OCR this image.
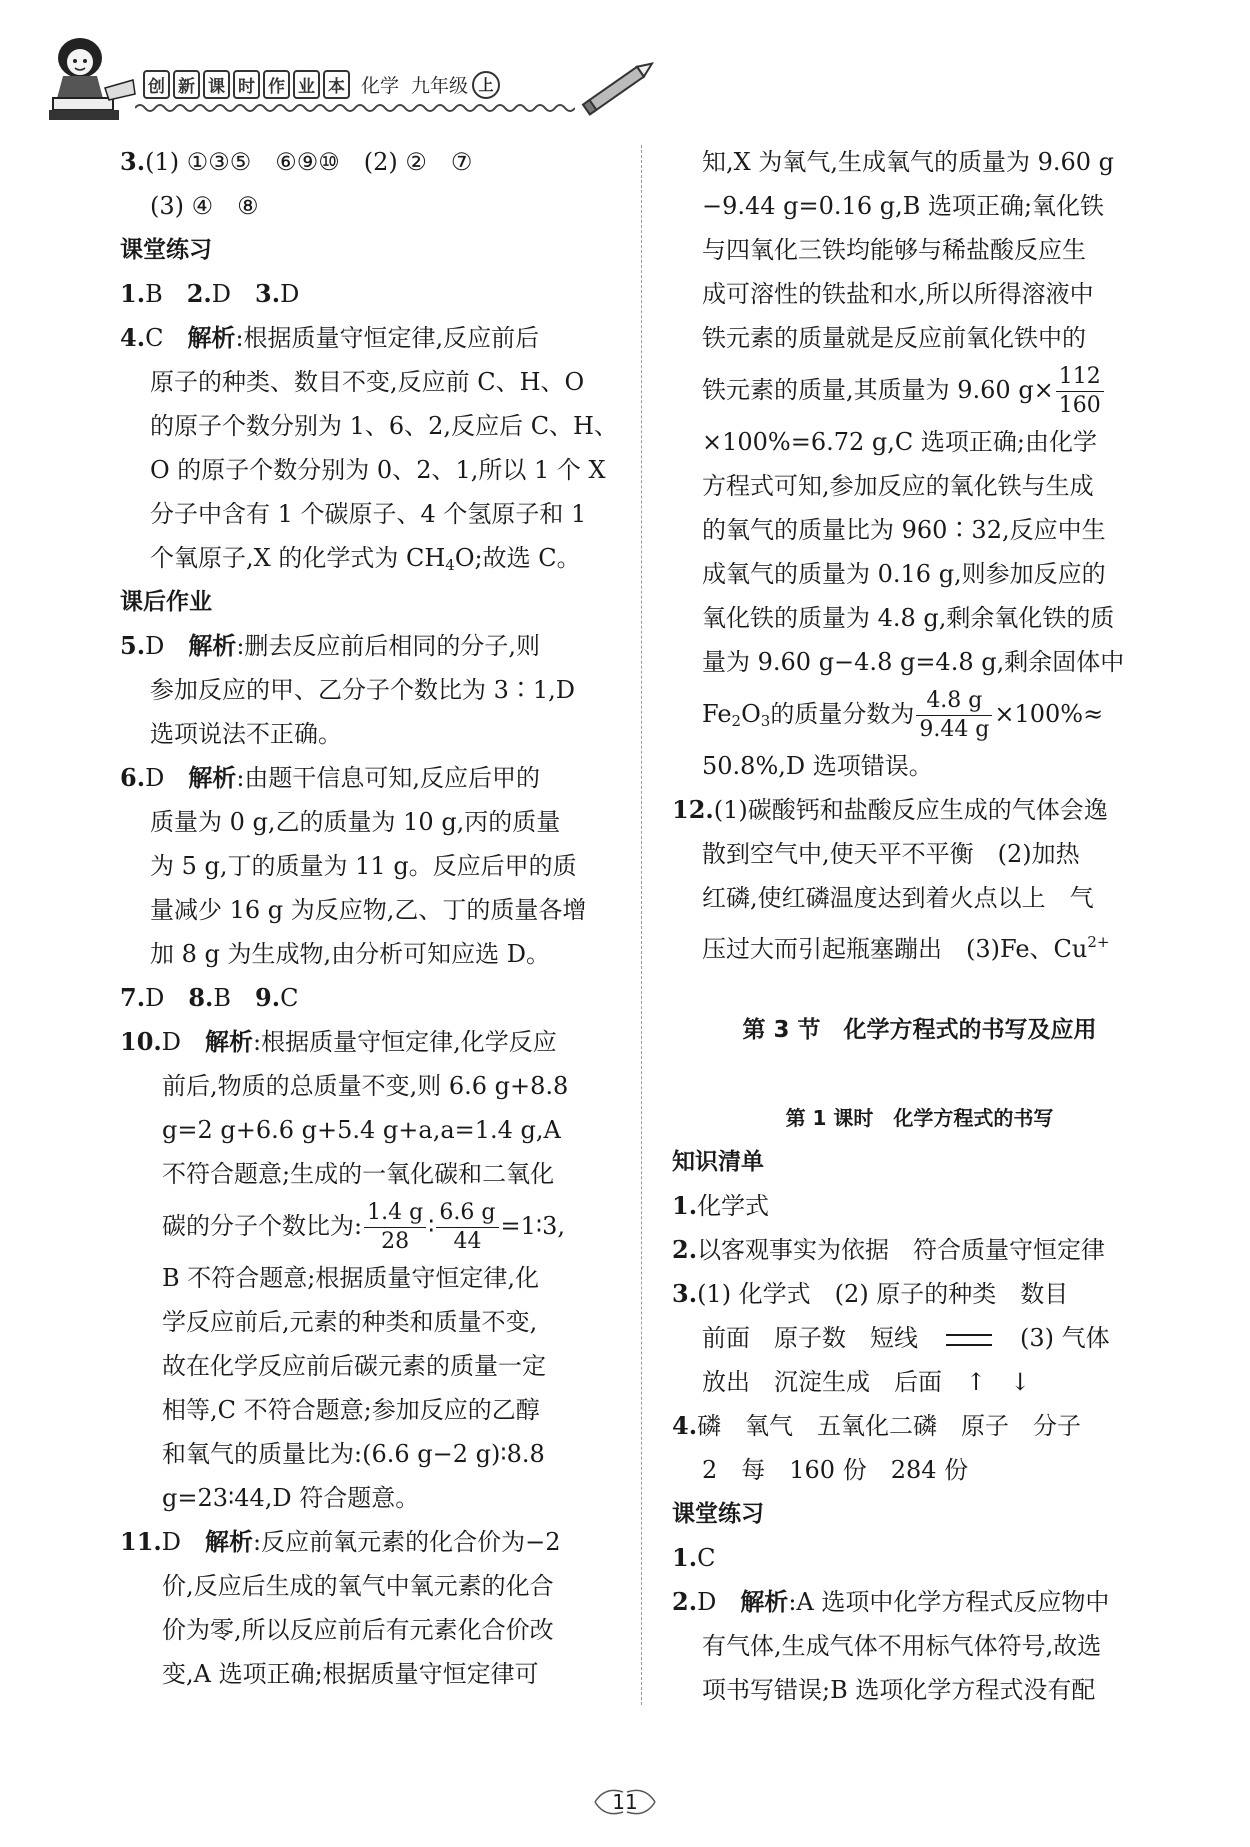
创 新 课 时 作 业 本 化学 九年级 上
3.(1) ①③⑤　⑥⑨⑩　(2) ②　⑦
(3) ④　⑧
课堂练习
1.B　2.D　3.D
4.C　解析:根据质量守恒定律,反应前后
原子的种类、数目不变,反应前 C、H、O
的原子个数分别为 1、6、2,反应后 C、H、
O 的原子个数分别为 0、2、1,所以 1 个 X
分子中含有 1 个碳原子、4 个氢原子和 1
个氧原子,X 的化学式为 $CH_4O$;故选 C。
课后作业
5.D　解析:删去反应前后相同的分子,则
参加反应的甲、乙分子个数比为 3∶1,D
选项说法不正确。
6.D　解析:由题干信息可知,反应后甲的
质量为 0 g,乙的质量为 10 g,丙的质量
为 5 g,丁的质量为 11 g。反应后甲的质
量减少 16 g 为反应物,乙、丁的质量各增
加 8 g 为生成物,由分析可知应选 D。
7.D　8.B　9.C
10.D　解析:根据质量守恒定律,化学反应
前后,物质的总质量不变,则 6.6 g+8.8
g=2 g+6.6 g+5.4 g+a,a=1.4 g,A
不符合题意;生成的一氧化碳和二氧化
碳的分子个数比为: $\frac{1.4 g}{28}$ ∶ $\frac{6.6 g}{44}$ =1∶3,
B 不符合题意;根据质量守恒定律,化
学反应前后,元素的种类和质量不变,
故在化学反应前后碳元素的质量一定
相等,C 不符合题意;参加反应的乙醇
和氧气的质量比为:(6.6 g−2 g)∶8.8
g=23∶44,D 符合题意。
11.D　解析:反应前氧元素的化合价为−2
价,反应后生成的氧气中氧元素的化合
价为零,所以反应前后有元素化合价改
变,A 选项正确;根据质量守恒定律可
知,X 为氧气,生成氧气的质量为 9.60 g
−9.44 g=0.16 g,B 选项正确;氧化铁
与四氧化三铁均能够与稀盐酸反应生
成可溶性的铁盐和水,所以所得溶液中
铁元素的质量就是反应前氧化铁中的
铁元素的质量,其质量为 9.60 $g\times \frac{112}{160}$
×100%=6.72 g,C 选项正确;由化学
方程式可知,参加反应的氧化铁与生成
的氧气的质量比为 960∶32,反应中生
成氧气的质量为 0.16 g,则参加反应的
氧化铁的质量为 4.8 g,剩余氧化铁的质
量为 9.60 g−4.8 g=4.8 g,剩余固体中
$Fe_2O_3$的质量分数为 $\frac{4.8 g}{9.44 g} \times 100\%\approx$
50.8%,D 选项错误。
12.(1)碳酸钙和盐酸反应生成的气体会逸
散到空气中,使天平不平衡　(2)加热
红磷,使红磷温度达到着火点以上　气
压过大而引起瓶塞蹦出　(3)Fe、$Cu^{2+}$
第 3 节　化学方程式的书写及应用
第 1 课时　化学方程式的书写
知识清单
1.化学式
2.以客观事实为依据　符合质量守恒定律
3.(1) 化学式　(2) 原子的种类　数目
前面　原子数　短线　　(3) 气体
放出　沉淀生成　后面　↑　↓
4.磷　氧气　五氧化二磷　原子　分子
2　每　160 份　284 份
课堂练习
1.C
2.D　解析:A 选项中化学方程式反应物中
有气体,生成气体不用标气体符号,故选
项书写错误;B 选项化学方程式没有配
11
